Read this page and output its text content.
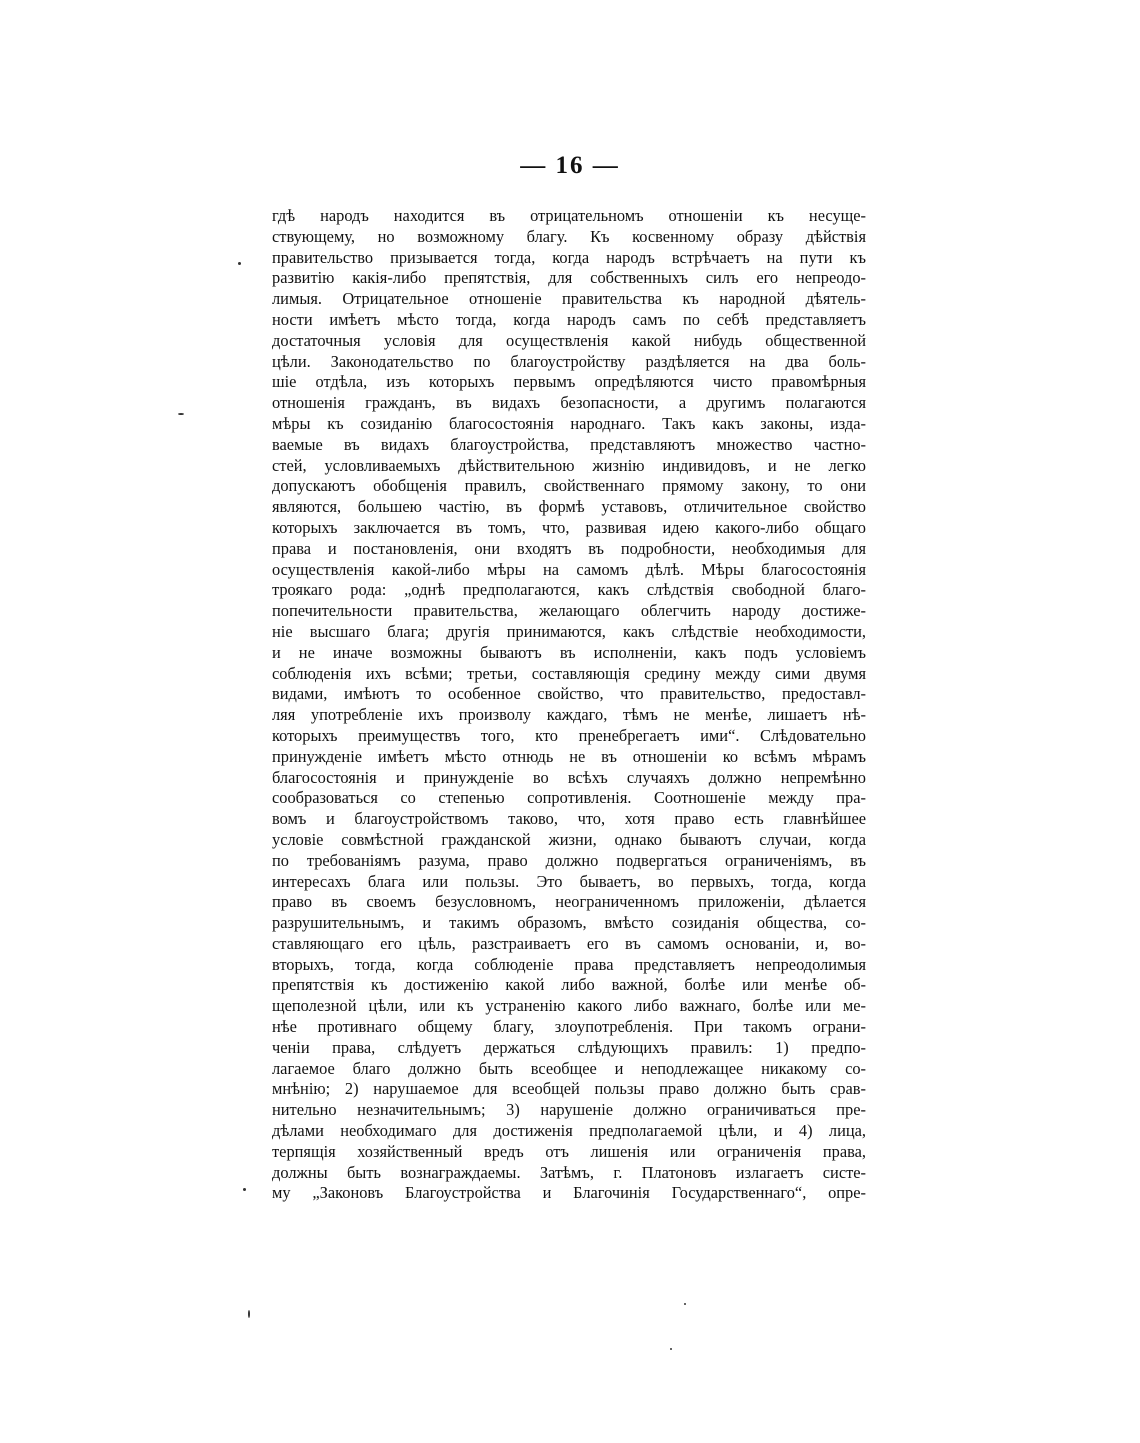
— 16 —
гдѣ народъ находится въ отрицательномъ отношенiи къ несуще-
ствующему, но возможному благу. Къ косвенному образу дѣйствiя
правительство призывается тогда, когда народъ встрѣчаетъ на пути къ
развитiю какiя-либо препятствiя, для собственныхъ силъ его непреодо-
лимыя. Отрицательное отношенiе правительства къ народной дѣятель-
ности имѣетъ мѣсто тогда, когда народъ самъ по себѣ представляетъ
достаточныя условiя для осуществленiя какой нибудь общественной
цѣли. Законодательство по благоустройству раздѣляется на два боль-
шiе отдѣла, изъ которыхъ первымъ опредѣляются чисто правомѣрныя
отношенiя гражданъ, въ видахъ безопасности, а другимъ полагаются
мѣры къ созиданiю благосостоянiя народнаго. Такъ какъ законы, изда-
ваемые въ видахъ благоустройства, представляютъ множество частно-
стей, условливаемыхъ дѣйствительною жизнiю индивидовъ, и не легко
допускаютъ обобщенiя правилъ, свойственнаго прямому закону, то они
являются, большею частiю, въ формѣ уставовъ, отличительное свойство
которыхъ заключается въ томъ, что, развивая идею какого-либо общаго
права и постановленiя, они входятъ въ подробности, необходимыя для
осуществленiя какой-либо мѣры на самомъ дѣлѣ. Мѣры благосостоянiя
троякаго рода: „однѣ предполагаются, какъ слѣдствiя свободной благо-
попечительности правительства, желающаго облегчить народу достиже-
нiе высшаго блага; другiя принимаются, какъ слѣдствiе необходимости,
и не иначе возможны бываютъ въ исполненiи, какъ подъ условiемъ
соблюденiя ихъ всѣми; третьи, составляющiя средину между сими двумя
видами, имѣютъ то особенное свойство, что правительство, предоставл-
ляя употребленiе ихъ произволу каждаго, тѣмъ не менѣе, лишаетъ нѣ-
которыхъ преимуществъ того, кто пренебрегаетъ ими“. Слѣдовательно
принужденiе имѣетъ мѣсто отнюдь не въ отношенiи ко всѣмъ мѣрамъ
благосостоянiя и принужденiе во всѣхъ случаяхъ должно непремѣнно
сообразоваться со степенью сопротивленiя. Соотношенiе между пра-
вомъ и благоустройствомъ таково, что, хотя право есть главнѣйшее
условiе совмѣстной гражданской жизни, однако бываютъ случаи, когда
по требованiямъ разума, право должно подвергаться ограниченiямъ, въ
интересахъ блага или пользы. Это бываетъ, во первыхъ, тогда, когда
право въ своемъ безусловномъ, неограниченномъ приложенiи, дѣлается
разрушительнымъ, и такимъ образомъ, вмѣсто созиданiя общества, со-
ставляющаго его цѣль, разстраиваетъ его въ самомъ основанiи, и, во-
вторыхъ, тогда, когда соблюденiе права представляетъ непреодолимыя
препятствiя къ достиженiю какой либо важной, болѣе или менѣе об-
щеполезной цѣли, или къ устраненiю какого либо важнаго, болѣе или ме-
нѣе противнаго общему благу, злоупотребленiя. При такомъ ограни-
ченiи права, слѣдуетъ держаться слѣдующихъ правилъ: 1) предпо-
лагаемое благо должно быть всеобщее и неподлежащее никакому со-
мнѣнiю; 2) нарушаемое для всеобщей пользы право должно быть срав-
нительно незначительнымъ; 3) нарушенiе должно ограничиваться пре-
дѣлами необходимаго для достиженiя предполагаемой цѣли, и 4) лица,
терпящiя хозяйственный вредъ отъ лишенiя или ограниченiя права,
должны быть вознаграждаемы. Затѣмъ, г. Платоновъ излагаетъ систе-
му „Законовъ Благоустройства и Благочинiя Государственнаго“, опре-
